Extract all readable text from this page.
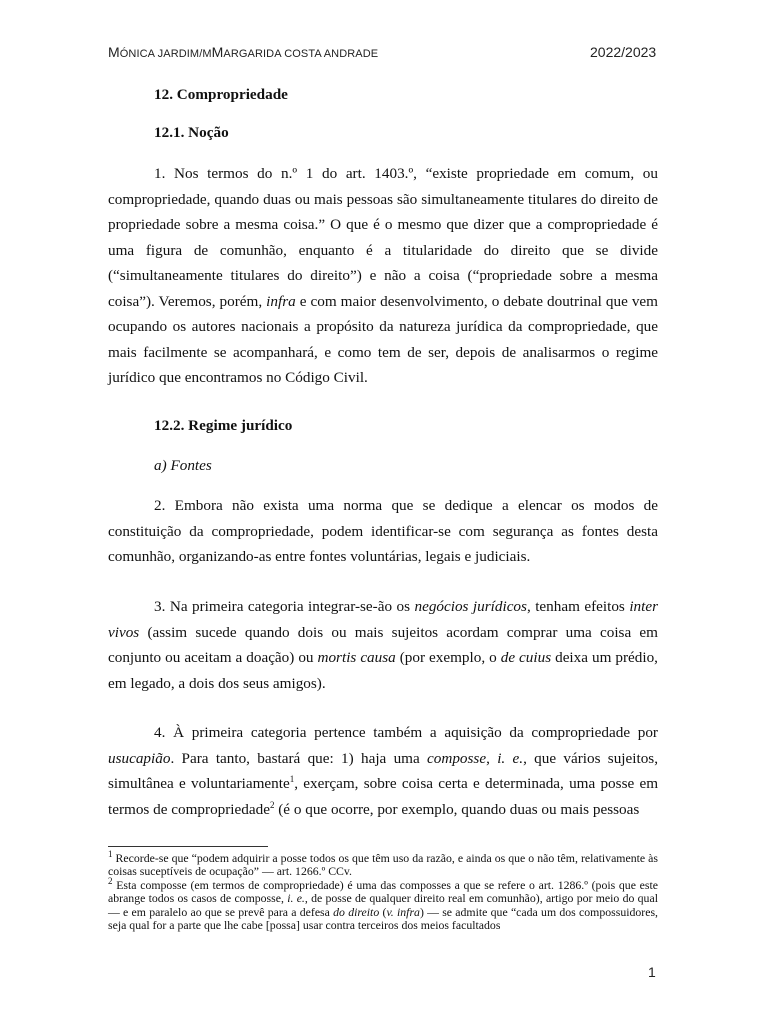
MÓNICA JARDIM/MMARGARIDA COSTA ANDRADE	2022/2023
12. Compropriedade
12.1. Noção

1. Nos termos do n.º 1 do art. 1403.º, “existe propriedade em comum, ou compropriedade, quando duas ou mais pessoas são simultaneamente titulares do direito de propriedade sobre a mesma coisa.” O que é o mesmo que dizer que a compropriedade é uma figura de comunhão, enquanto é a titularidade do direito que se divide (“simultaneamente titulares do direito”) e não a coisa (“propriedade sobre a mesma coisa”). Veremos, porém, infra e com maior desenvolvimento, o debate doutrinal que vem ocupando os autores nacionais a propósito da natureza jurídica da compropriedade, que mais facilmente se acompanhará, e como tem de ser, depois de analisarmos o regime jurídico que encontramos no Código Civil.

12.2. Regime jurídico
a) Fontes

2. Embora não exista uma norma que se dedique a elencar os modos de constituição da compropriedade, podem identificar-se com segurança as fontes desta comunhão, organizando-as entre fontes voluntárias, legais e judiciais.

3. Na primeira categoria integrar-se-ão os negócios jurídicos, tenham efeitos inter vivos (assim sucede quando dois ou mais sujeitos acordam comprar uma coisa em conjunto ou aceitam a doação) ou mortis causa (por exemplo, o de cuius deixa um prédio, em legado, a dois dos seus amigos).

4. À primeira categoria pertence também a aquisição da compropriedade por usucapião. Para tanto, bastará que: 1) haja uma composse, i. e., que vários sujeitos, simultânea e voluntariamente$^1$, exerçam, sobre coisa certa e determinada, uma posse em termos de compropriedade$^2$ (é o que ocorre, por exemplo, quando duas ou mais pessoas

$^1$ Recorde-se que “podem adquirir a posse todos os que têm uso da razão, e ainda os que o não têm, relativamente às coisas suceptíveis de ocupação” — art. 1266.º CCv.

$^2$ Esta composse (em termos de compropriedade) é uma das composses a que se refere o art. 1286.º (pois que este abrange todos os casos de composse, i. e., de posse de qualquer direito real em comunhão), artigo por meio do qual — e em paralelo ao que se prevê para a defesa do direito (v. infra) — se admite que “cada um dos compossuidores, seja qual for a parte que lhe cabe [possa] usar contra terceiros dos meios facultados

1
